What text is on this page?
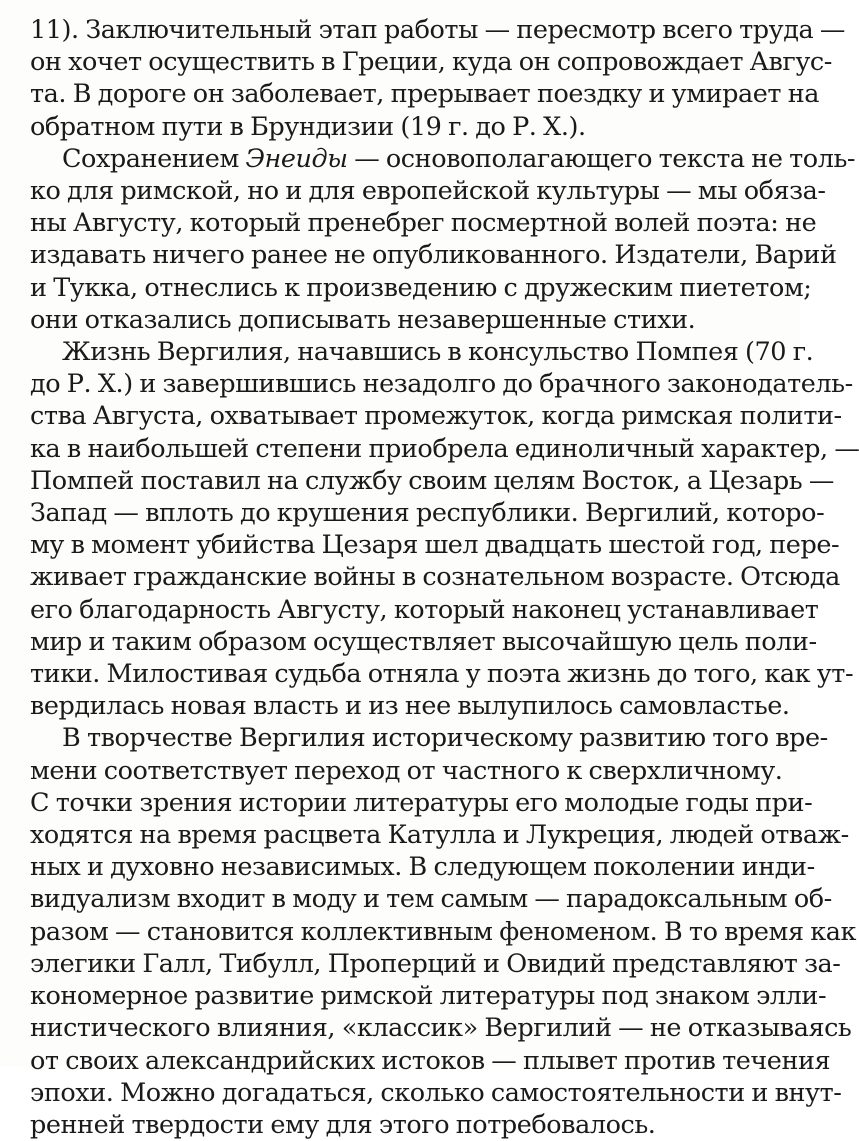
11). Заключительный этап работы — пересмотр всего труда —
он хочет осуществить в Греции, куда он сопровождает Авгус-
та. В дороге он заболевает, прерывает поездку и умирает на
обратном пути в Брундизии (19 г. до Р. Х.).

Сохранением Энеиды — основополагающего текста не толь-
ко для римской, но и для европейской культуры — мы обяза-
ны Августу, который пренебрег посмертной волей поэта: не
издавать ничего ранее не опубликованного. Издатели, Варий
и Тукка, отнеслись к произведению с дружеским пиететом;
они отказались дописывать незавершенные стихи.

Жизнь Вергилия, начавшись в консульство Помпея (70 г.
до Р. Х.) и завершившись незадолго до брачного законодатель-
ства Августа, охватывает промежуток, когда римская полити-
ка в наибольшей степени приобрела единоличный характер, —
Помпей поставил на службу своим целям Восток, а Цезарь —
Запад — вплоть до крушения республики. Вергилий, которо-
му в момент убийства Цезаря шел двадцать шестой год, пере-
живает гражданские войны в сознательном возрасте. Отсюда
его благодарность Августу, который наконец устанавливает
мир и таким образом осуществляет высочайшую цель поли-
тики. Милостивая судьба отняла у поэта жизнь до того, как ут-
вердилась новая власть и из нее вылупилось самовластье.

В творчестве Вергилия историческому развитию того вре-
мени соответствует переход от частного к сверхличному.
С точки зрения истории литературы его молодые годы при-
ходятся на время расцвета Катулла и Лукреция, людей отваж-
ных и духовно независимых. В следующем поколении инди-
видуализм входит в моду и тем самым — парадоксальным об-
разом — становится коллективным феноменом. В то время как
элегики Галл, Тибулл, Проперций и Овидий представляют за-
кономерное развитие римской литературы под знаком элли-
нистического влияния, «классик» Вергилий — не отказываясь
от своих александрийских истоков — плывет против течения
эпохи. Можно догадаться, сколько самостоятельности и внут-
ренней твердости ему для этого потребовалось.
